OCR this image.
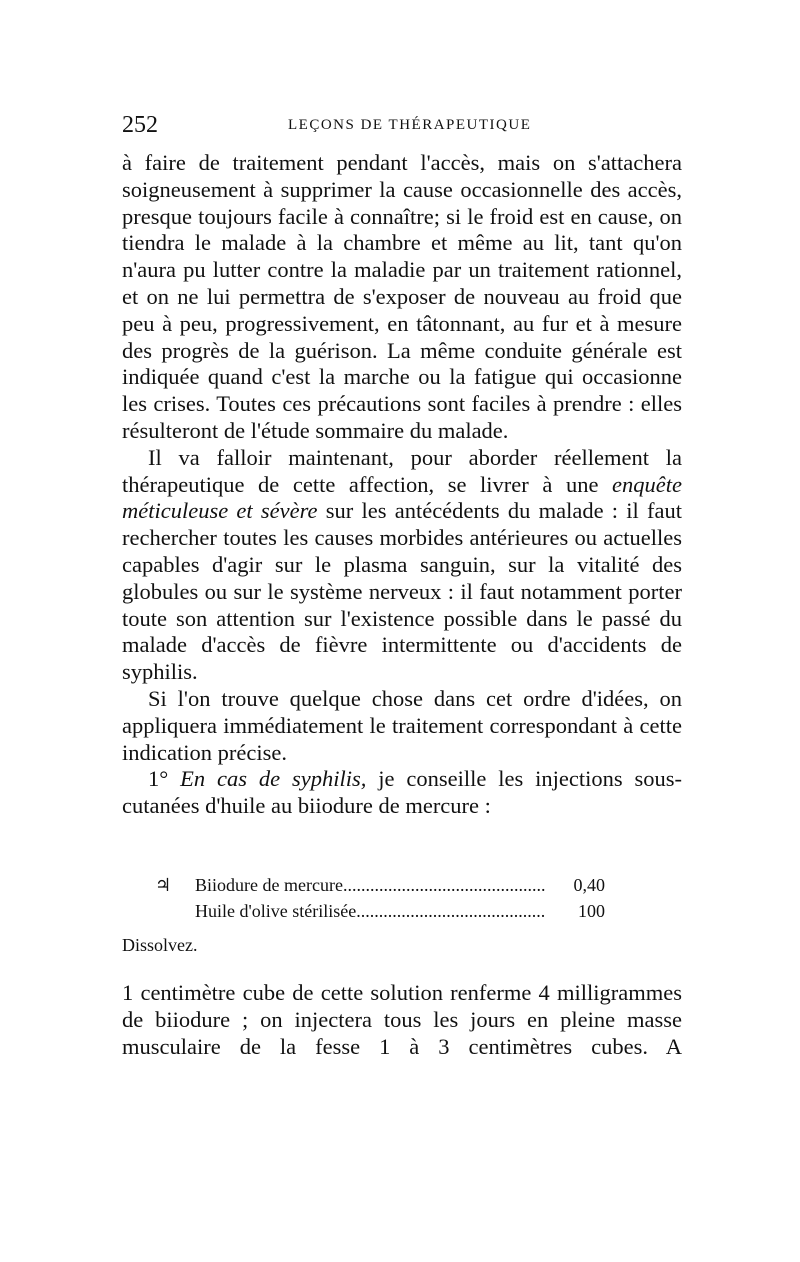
252	LEÇONS DE THÉRAPEUTIQUE

à faire de traitement pendant l'accès, mais on s'attachera soigneusement à supprimer la cause occasionnelle des accès, presque toujours facile à connaître; si le froid est en cause, on tiendra le malade à la chambre et même au lit, tant qu'on n'aura pu lutter contre la maladie par un traitement rationnel, et on ne lui permettra de s'exposer de nouveau au froid que peu à peu, progressivement, en tâtonnant, au fur et à mesure des progrès de la guérison. La même conduite générale est indiquée quand c'est la marche ou la fatigue qui occasionne les crises. Toutes ces précautions sont faciles à prendre : elles résulteront de l'étude sommaire du malade.

Il va falloir maintenant, pour aborder réellement la thérapeutique de cette affection, se livrer à une enquête méticuleuse et sévère sur les antécédents du malade : il faut rechercher toutes les causes morbides antérieures ou actuelles capables d'agir sur le plasma sanguin, sur la vitalité des globules ou sur le système nerveux : il faut notamment porter toute son attention sur l'existence possible dans le passé du malade d'accès de fièvre intermittente ou d'accidents de syphilis.

Si l'on trouve quelque chose dans cet ordre d'idées, on appliquera immédiatement le traitement correspondant à cette indication précise.

1° En cas de syphilis, je conseille les injections sous-cutanées d'huile au biiodure de mercure :

♃ Biiodure de mercure .....	0,40
Huile d'olive stérilisée .....	100
Dissolvez.

1 centimètre cube de cette solution renferme 4 milligrammes de biiodure ; on injectera tous les jours en pleine masse musculaire de la fesse 1 à 3 centimètres cubes. A
